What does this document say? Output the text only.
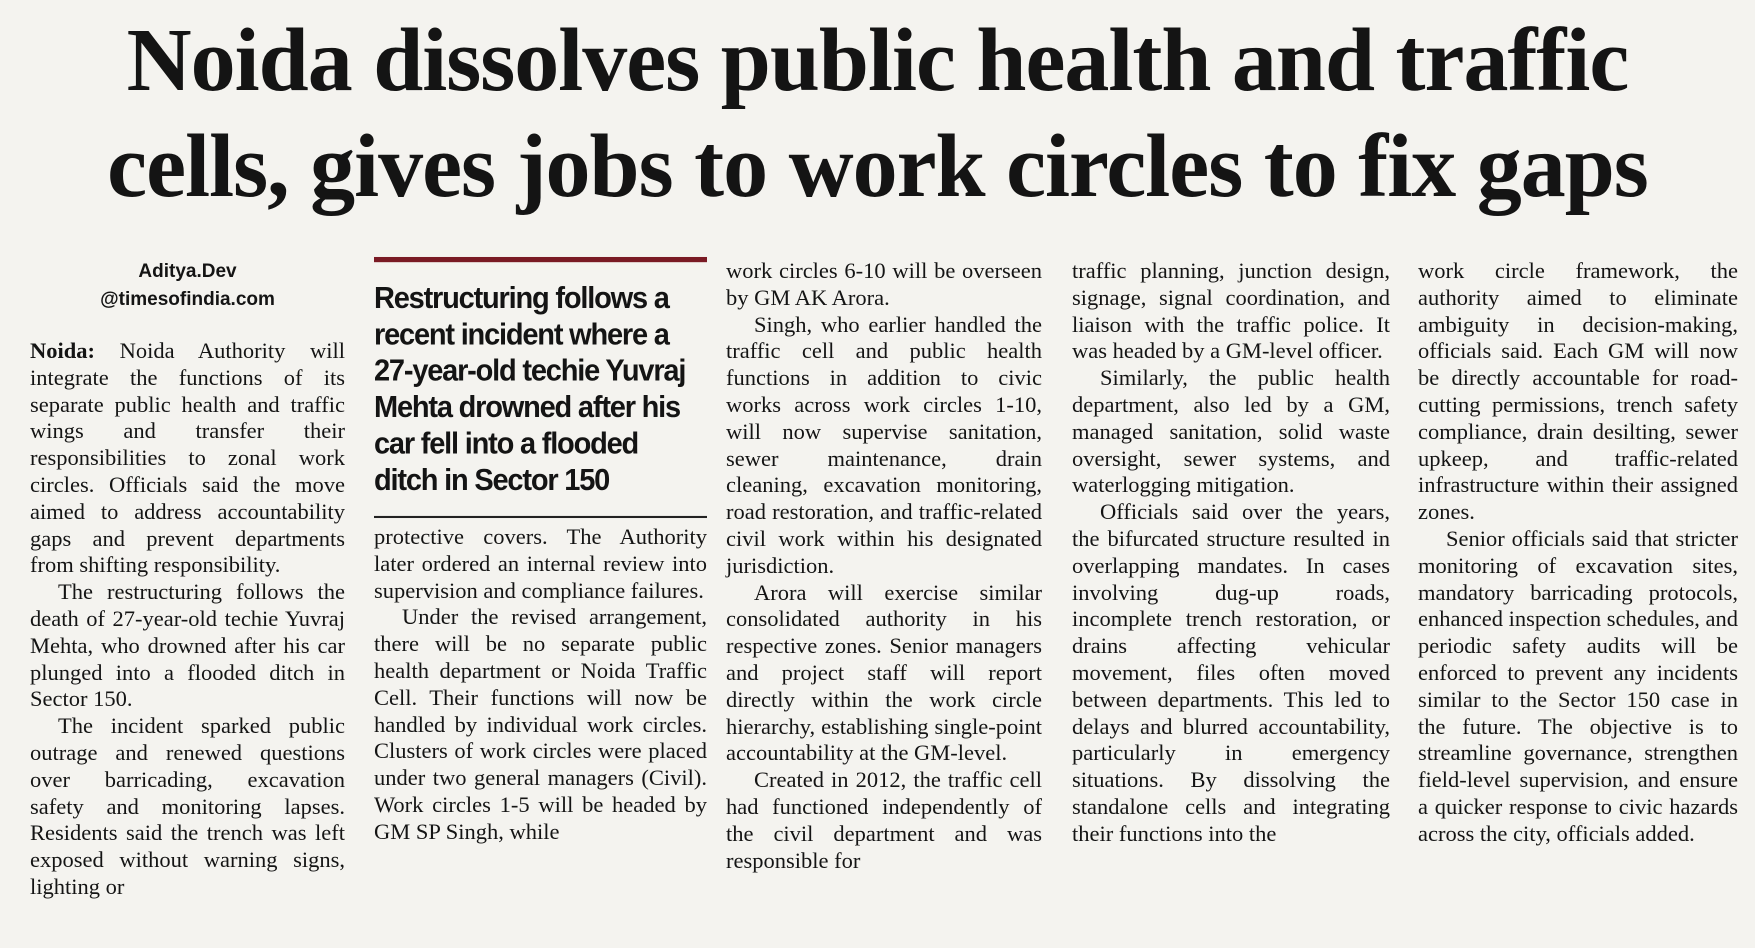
Noida dissolves public health and traffic
cells, gives jobs to work circles to fix gaps
Aditya.Dev
@timesofindia.com

Noida: Noida Authority will integrate the functions of its separate public health and traffic wings and transfer their responsibilities to zonal work circles. Officials said the move aimed to address accountability gaps and prevent departments from shifting responsibility.

The restructuring follows the death of 27-year-old techie Yuvraj Mehta, who drowned after his car plunged into a flooded ditch in Sector 150.

The incident sparked public outrage and renewed questions over barricading, excavation safety and monitoring lapses. Residents said the trench was left exposed without warning signs, lighting or

Restructuring follows a recent incident where a 27-year-old techie Yuvraj Mehta drowned after his car fell into a flooded ditch in Sector 150

protective covers. The Authority later ordered an internal review into supervision and compliance failures.

Under the revised arrangement, there will be no separate public health department or Noida Traffic Cell. Their functions will now be handled by individual work circles. Clusters of work circles were placed under two general managers (Civil). Work circles 1-5 will be headed by GM SP Singh, while

work circles 6-10 will be overseen by GM AK Arora.

Singh, who earlier handled the traffic cell and public health functions in addition to civic works across work circles 1-10, will now supervise sanitation, sewer maintenance, drain cleaning, excavation monitoring, road restoration, and traffic-related civil work within his designated jurisdiction.

Arora will exercise similar consolidated authority in his respective zones. Senior managers and project staff will report directly within the work circle hierarchy, establishing single-point accountability at the GM-level.

Created in 2012, the traffic cell had functioned independently of the civil department and was responsible for

traffic planning, junction design, signage, signal coordination, and liaison with the traffic police. It was headed by a GM-level officer.

Similarly, the public health department, also led by a GM, managed sanitation, solid waste oversight, sewer systems, and waterlogging mitigation.

Officials said over the years, the bifurcated structure resulted in overlapping mandates. In cases involving dug-up roads, incomplete trench restoration, or drains affecting vehicular movement, files often moved between departments. This led to delays and blurred accountability, particularly in emergency situations. By dissolving the standalone cells and integrating their functions into the

work circle framework, the authority aimed to eliminate ambiguity in decision-making, officials said. Each GM will now be directly accountable for road-cutting permissions, trench safety compliance, drain desilting, sewer upkeep, and traffic-related infrastructure within their assigned zones.

Senior officials said that stricter monitoring of excavation sites, mandatory barricading protocols, enhanced inspection schedules, and periodic safety audits will be enforced to prevent any incidents similar to the Sector 150 case in the future. The objective is to streamline governance, strengthen field-level supervision, and ensure a quicker response to civic hazards across the city, officials added.
